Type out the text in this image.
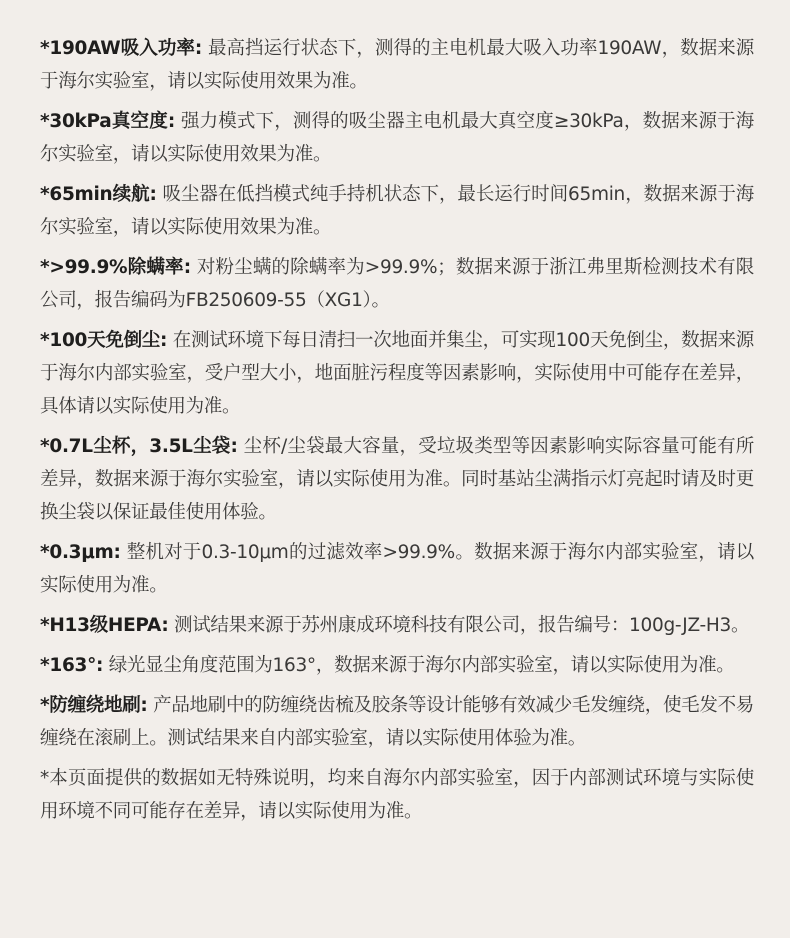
*190AW吸入功率: 最高挡运行状态下，测得的主电机最大吸入功率190AW，数据来源于海尔实验室，请以实际使用效果为准。

*30kPa真空度: 强力模式下，测得的吸尘器主电机最大真空度≥30kPa，数据来源于海尔实验室，请以实际使用效果为准。

*65min续航: 吸尘器在低挡模式纯手持机状态下，最长运行时间65min，数据来源于海尔实验室，请以实际使用效果为准。

*>99.9%除螨率: 对粉尘螨的除螨率为>99.9%；数据来源于浙江弗里斯检测技术有限公司，报告编码为FB250609-55（XG1）。

*100天免倒尘: 在测试环境下每日清扫一次地面并集尘，可实现100天免倒尘，数据来源于海尔内部实验室，受户型大小，地面脏污程度等因素影响，实际使用中可能存在差异，具体请以实际使用为准。

*0.7L尘杯，3.5L尘袋: 尘杯/尘袋最大容量，受垃圾类型等因素影响实际容量可能有所差异，数据来源于海尔实验室，请以实际使用为准。同时基站尘满指示灯亮起时请及时更换尘袋以保证最佳使用体验。

*0.3μm: 整机对于0.3-10μm的过滤效率>99.9%。数据来源于海尔内部实验室，请以实际使用为准。

*H13级HEPA: 测试结果来源于苏州康成环境科技有限公司，报告编号：100g-JZ-H3。

*163°: 绿光显尘角度范围为163°，数据来源于海尔内部实验室，请以实际使用为准。

*防缠绕地刷: 产品地刷中的防缠绕齿梳及胶条等设计能够有效减少毛发缠绕，使毛发不易缠绕在滚刷上。测试结果来自内部实验室，请以实际使用体验为准。

*本页面提供的数据如无特殊说明，均来自海尔内部实验室，因于内部测试环境与实际使用环境不同可能存在差异，请以实际使用为准。
